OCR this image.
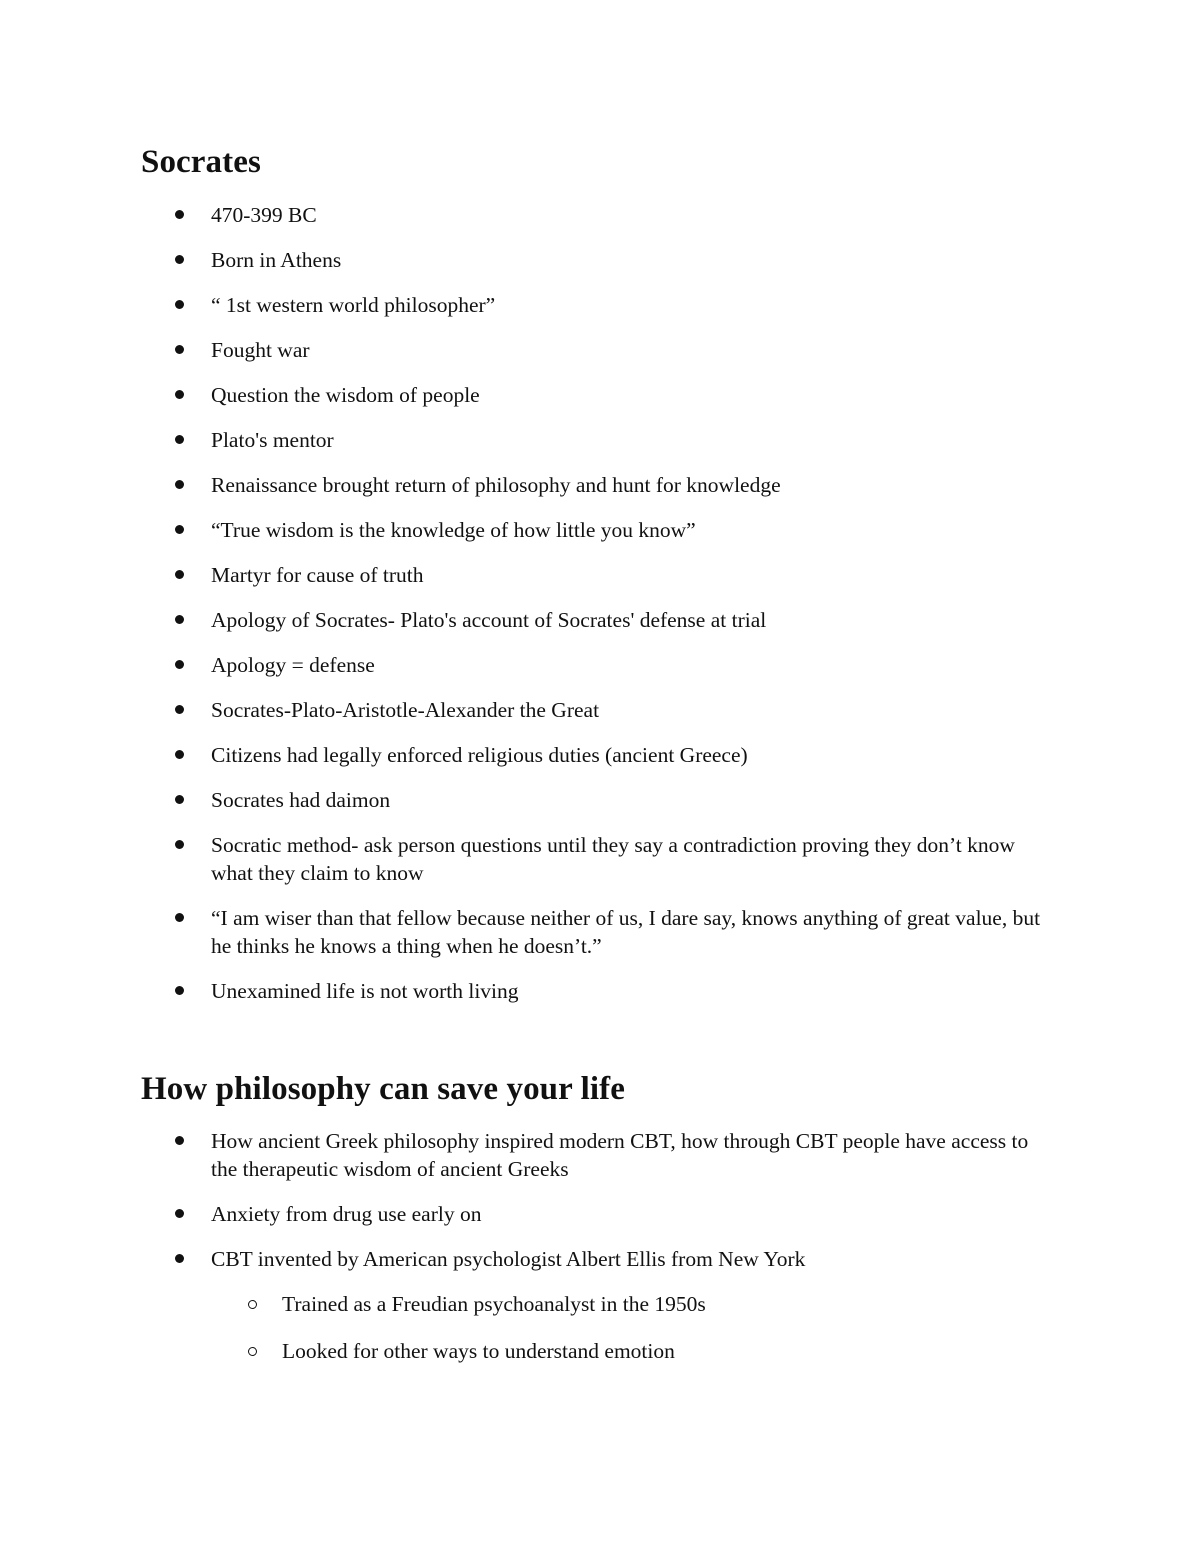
Socrates
470-399 BC
Born in Athens
“ 1st western world philosopher”
Fought war
Question the wisdom of people
Plato's mentor
Renaissance brought return of philosophy and hunt for knowledge
“True wisdom is the knowledge of how little you know”
Martyr for cause of truth
Apology of Socrates- Plato's account of Socrates' defense at trial
Apology = defense
Socrates-Plato-Aristotle-Alexander the Great
Citizens had legally enforced religious duties (ancient Greece)
Socrates had daimon
Socratic method- ask person questions until they say a contradiction proving they don’t know what they claim to know
“I am wiser than that fellow because neither of us, I dare say, knows anything of great value, but he thinks he knows a thing when he doesn’t.”
Unexamined life is not worth living
How philosophy can save your life
How ancient Greek philosophy inspired modern CBT, how through CBT people have access to the therapeutic wisdom of ancient Greeks
Anxiety from drug use early on
CBT invented by American psychologist Albert Ellis from New York
Trained as a Freudian psychoanalyst in the 1950s
Looked for other ways to understand emotion
